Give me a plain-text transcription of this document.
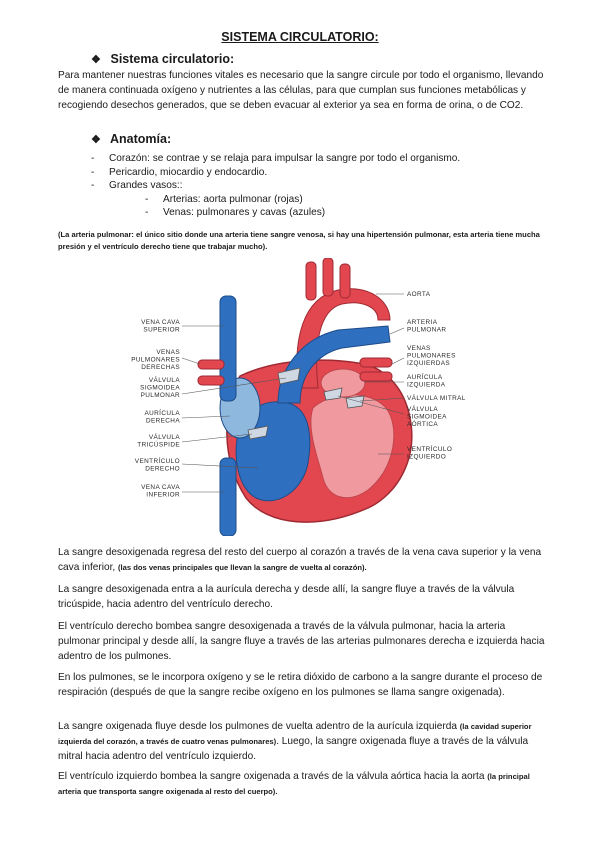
SISTEMA CIRCULATORIO:
❖ Sistema circulatorio:

Para mantener nuestras funciones vitales es necesario que la sangre circule por todo el organismo, llevando de manera continuada oxígeno y nutrientes a las células, para que cumplan sus funciones metabólicas y recogiendo desechos generados, que se deben evacuar al exterior ya sea en forma de orina, o de CO2.

❖ Anatomía:
- Corazón: se contrae y se relaja para impulsar la sangre por todo el organismo.
- Pericardio, miocardio y endocardio.
- Grandes vasos::
- Arterias: aorta pulmonar (rojas)
- Venas: pulmonares y cavas (azules)

(La arteria pulmonar: el único sitio donde una arteria tiene sangre venosa, si hay una hipertensión pulmonar, esta arteria tiene mucha presión y el ventrículo derecho tiene que trabajar mucho).

VENA CAVA SUPERIOR
VENAS PULMONARES DERECHAS
VÁLVULA SIGMOIDEA PULMONAR
AURÍCULA DERECHA
VÁLVULA TRICÚSPIDE
VENTRÍCULO DERECHO
VENA CAVA INFERIOR
AORTA
ARTERIA PULMONAR
VENAS PULMONARES IZQUIERDAS
AURÍCULA IZQUIERDA
VÁLVULA MITRAL
VÁLVULA SIGMOIDEA AÓRTICA
VENTRÍCULO IZQUIERDO

La sangre desoxigenada regresa del resto del cuerpo al corazón a través de la vena cava superior y la vena cava inferior, (las dos venas principales que llevan la sangre de vuelta al corazón).

La sangre desoxigenada entra a la aurícula derecha y desde allí, la sangre fluye a través de la válvula tricúspide, hacia adentro del ventrículo derecho.

El ventrículo derecho bombea sangre desoxigenada a través de la válvula pulmonar, hacia la arteria pulmonar principal y desde allí, la sangre fluye a través de las arterias pulmonares derecha e izquierda hacia adentro de los pulmones.

En los pulmones, se le incorpora oxígeno y se le retira dióxido de carbono a la sangre durante el proceso de respiración (después de que la sangre recibe oxígeno en los pulmones se llama sangre oxigenada).

La sangre oxigenada fluye desde los pulmones de vuelta adentro de la aurícula izquierda (la cavidad superior izquierda del corazón, a través de cuatro venas pulmonares). Luego, la sangre oxigenada fluye a través de la válvula mitral hacia adentro del ventrículo izquierdo.

El ventrículo izquierdo bombea la sangre oxigenada a través de la válvula aórtica hacia la aorta (la principal arteria que transporta sangre oxigenada al resto del cuerpo).
